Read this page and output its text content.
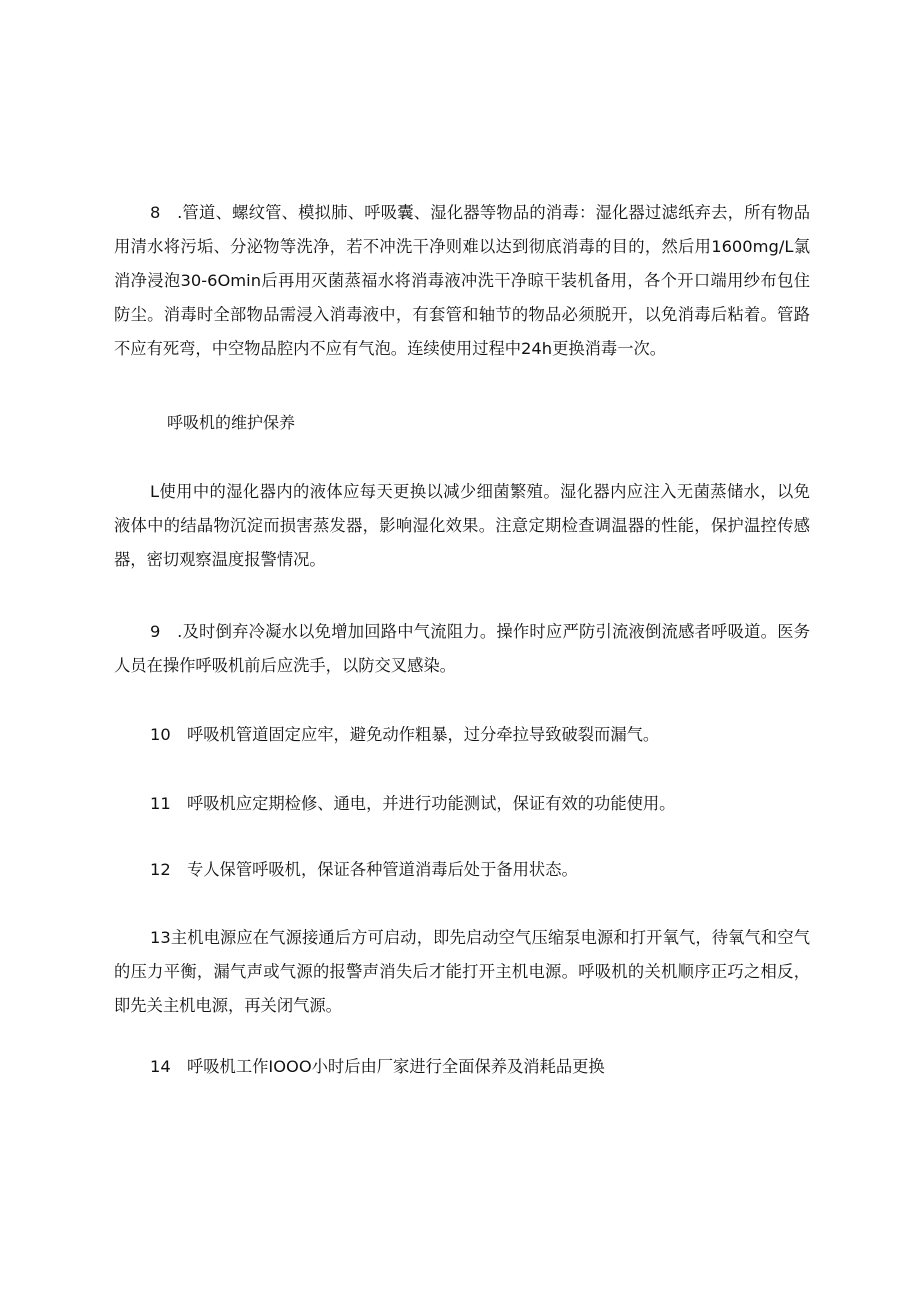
8　.管道、螺纹管、模拟肺、呼吸囊、湿化器等物品的消毒：湿化器过滤纸弃去，所有物品用清水将污垢、分泌物等洗净，若不冲洗干净则难以达到彻底消毒的目的，然后用1600mg/L氯消净浸泡30-6Omin后再用灭菌蒸福水将消毒液冲洗干净晾干装机备用，各个开口端用纱布包住防尘。消毒时全部物品需浸入消毒液中，有套管和轴节的物品必须脱开，以免消毒后粘着。管路不应有死弯，中空物品腔内不应有气泡。连续使用过程中24h更换消毒一次。

呼吸机的维护保养

L使用中的湿化器内的液体应每天更换以减少细菌繁殖。湿化器内应注入无菌蒸储水，以免液体中的结晶物沉淀而损害蒸发器，影响湿化效果。注意定期检查调温器的性能，保护温控传感器，密切观察温度报警情况。

9　.及时倒弃冷凝水以免增加回路中气流阻力。操作时应严防引流液倒流感者呼吸道。医务人员在操作呼吸机前后应洗手，以防交叉感染。

10　呼吸机管道固定应牢，避免动作粗暴，过分牵拉导致破裂而漏气。

11　呼吸机应定期检修、通电，并进行功能测试，保证有效的功能使用。

12　专人保管呼吸机，保证各种管道消毒后处于备用状态。

13主机电源应在气源接通后方可启动，即先启动空气压缩泵电源和打开氧气，待氧气和空气的压力平衡，漏气声或气源的报警声消失后才能打开主机电源。呼吸机的关机顺序正巧之相反，即先关主机电源，再关闭气源。

14　呼吸机工作IOOO小时后由厂家进行全面保养及消耗品更换
